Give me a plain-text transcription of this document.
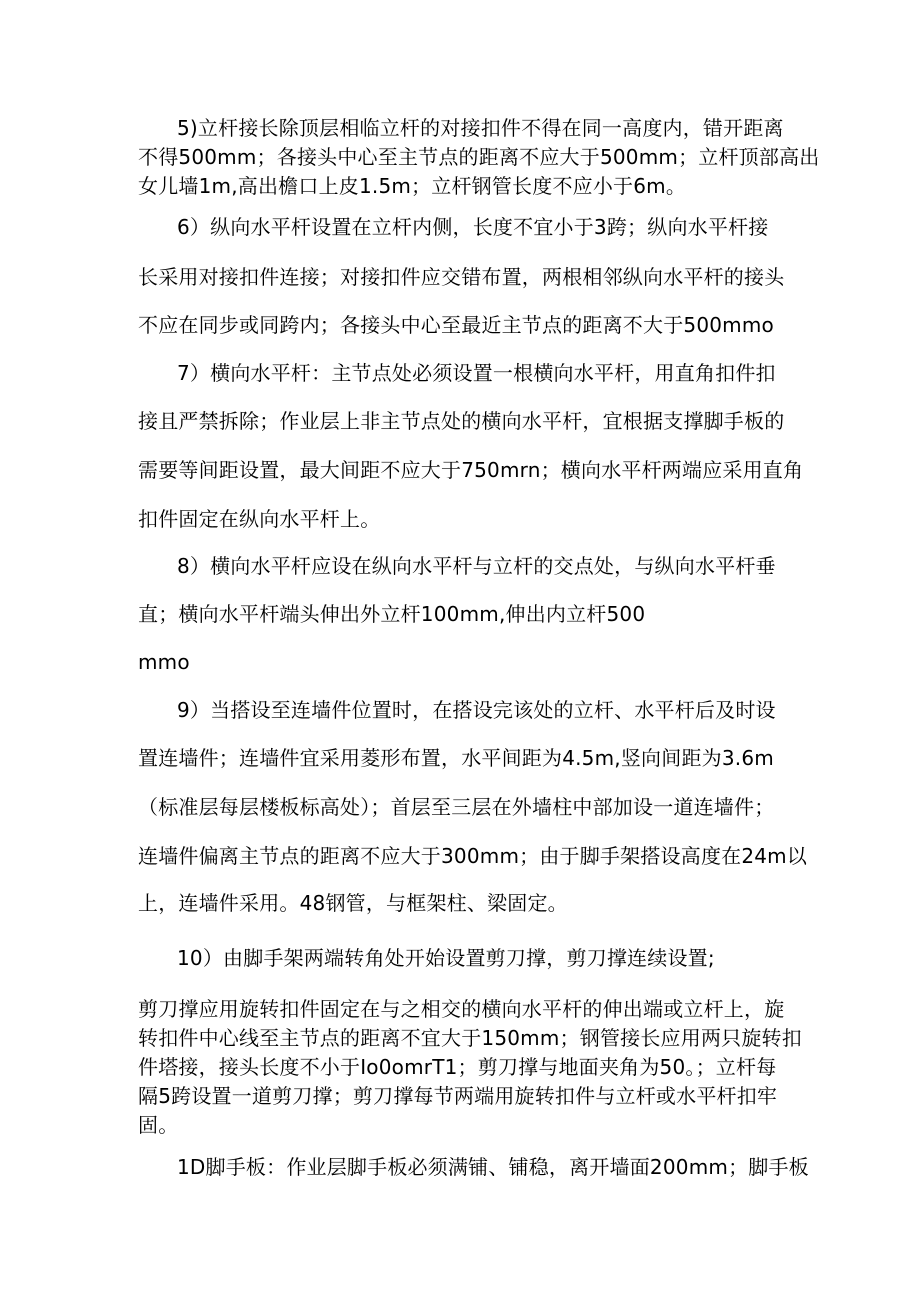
5)立杆接长除顶层相临立杆的对接扣件不得在同一高度内，错开距离
不得500mm；各接头中心至主节点的距离不应大于500mm；立杆顶部高出
女儿墙1m,高出檐口上皮1.5m；立杆钢管长度不应小于6m。
6）纵向水平杆设置在立杆内侧，长度不宜小于3跨；纵向水平杆接
长采用对接扣件连接；对接扣件应交错布置，两根相邻纵向水平杆的接头
不应在同步或同跨内；各接头中心至最近主节点的距离不大于500mmo
7）横向水平杆：主节点处必须设置一根横向水平杆，用直角扣件扣
接且严禁拆除；作业层上非主节点处的横向水平杆，宜根据支撑脚手板的
需要等间距设置，最大间距不应大于750mrn；横向水平杆两端应采用直角
扣件固定在纵向水平杆上。
8）横向水平杆应设在纵向水平杆与立杆的交点处，与纵向水平杆垂
直；横向水平杆端头伸出外立杆100mm,伸出内立杆500
mmo
9）当搭设至连墙件位置时，在搭设完该处的立杆、水平杆后及时设
置连墙件；连墙件宜采用菱形布置，水平间距为4.5m,竖向间距为3.6m
（标准层每层楼板标高处）；首层至三层在外墙柱中部加设一道连墙件；
连墙件偏离主节点的距离不应大于300mm；由于脚手架搭设高度在24m以
上，连墙件采用。48钢管，与框架柱、梁固定。
10）由脚手架两端转角处开始设置剪刀撑，剪刀撑连续设置;
剪刀撑应用旋转扣件固定在与之相交的横向水平杆的伸出端或立杆上，旋
转扣件中心线至主节点的距离不宜大于150mm；钢管接长应用两只旋转扣
件塔接，接头长度不小于Io0omrT1；剪刀撑与地面夹角为50。；立杆每
隔5跨设置一道剪刀撑；剪刀撑每节两端用旋转扣件与立杆或水平杆扣牢
固。
1D脚手板：作业层脚手板必须满铺、铺稳，离开墙面200mm；脚手板
